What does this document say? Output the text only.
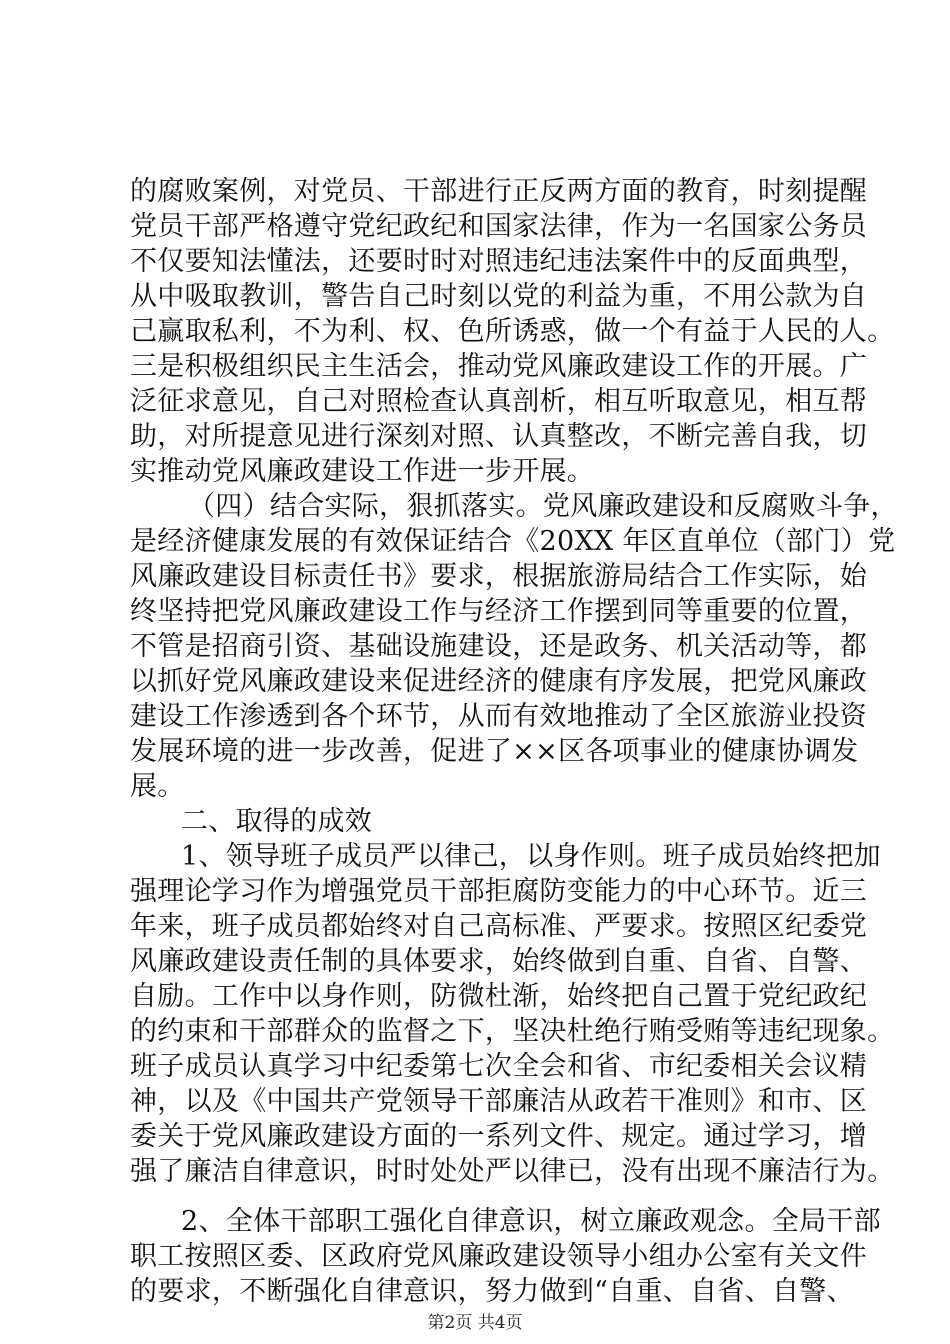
的腐败案例，对党员、干部进行正反两方面的教育，时刻提醒
党员干部严格遵守党纪政纪和国家法律，作为一名国家公务员
不仅要知法懂法，还要时时对照违纪违法案件中的反面典型，
从中吸取教训，警告自己时刻以党的利益为重，不用公款为自
己赢取私利，不为利、权、色所诱惑，做一个有益于人民的人。
三是积极组织民主生活会，推动党风廉政建设工作的开展。广
泛征求意见，自己对照检查认真剖析，相互听取意见，相互帮
助，对所提意见进行深刻对照、认真整改，不断完善自我，切
实推动党风廉政建设工作进一步开展。
（四）结合实际，狠抓落实。党风廉政建设和反腐败斗争，
是经济健康发展的有效保证结合《20XX 年区直单位（部门）党
风廉政建设目标责任书》要求，根据旅游局结合工作实际，始
终坚持把党风廉政建设工作与经济工作摆到同等重要的位置，
不管是招商引资、基础设施建设，还是政务、机关活动等，都
以抓好党风廉政建设来促进经济的健康有序发展，把党风廉政
建设工作渗透到各个环节，从而有效地推动了全区旅游业投资
发展环境的进一步改善，促进了××区各项事业的健康协调发
展。
二、取得的成效
1、领导班子成员严以律己，以身作则。班子成员始终把加
强理论学习作为增强党员干部拒腐防变能力的中心环节。近三
年来，班子成员都始终对自己高标准、严要求。按照区纪委党
风廉政建设责任制的具体要求，始终做到自重、自省、自警、
自励。工作中以身作则，防微杜渐，始终把自己置于党纪政纪
的约束和干部群众的监督之下，坚决杜绝行贿受贿等违纪现象。
班子成员认真学习中纪委第七次全会和省、市纪委相关会议精
神，以及《中国共产党领导干部廉洁从政若干准则》和市、区
委关于党风廉政建设方面的一系列文件、规定。通过学习，增
强了廉洁自律意识，时时处处严以律已，没有出现不廉洁行为。
2、全体干部职工强化自律意识，树立廉政观念。全局干部
职工按照区委、区政府党风廉政建设领导小组办公室有关文件
的要求，不断强化自律意识，努力做到“自重、自省、自警、
第2页 共4页
